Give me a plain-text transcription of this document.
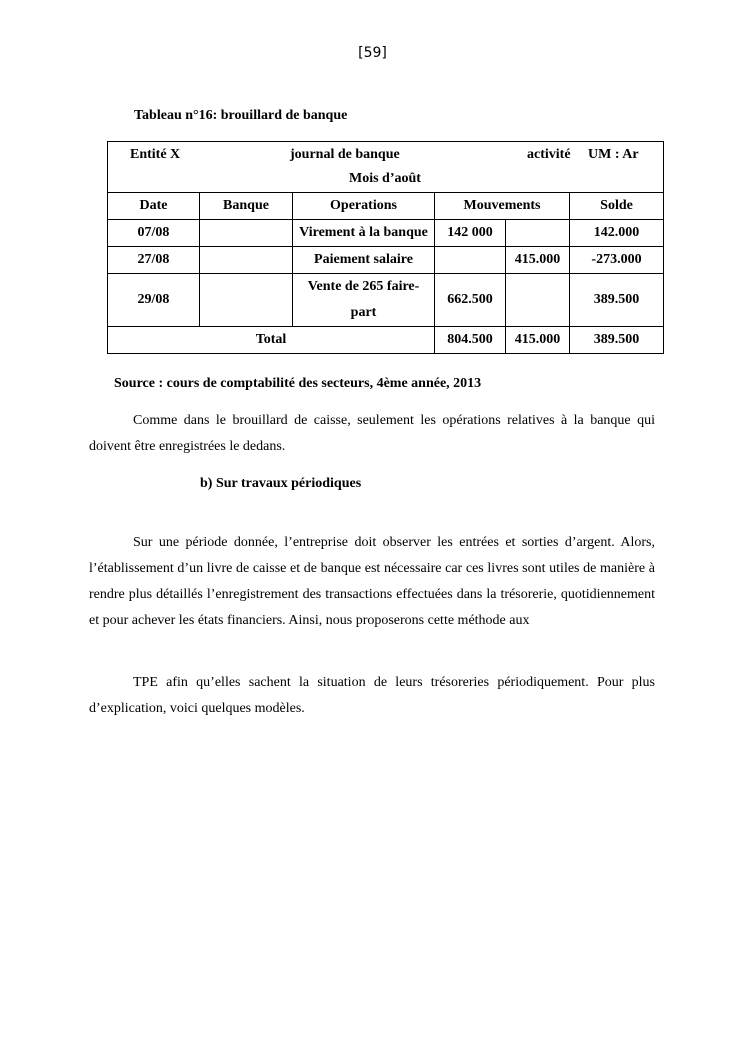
[59]
Tableau n°16: brouillard de banque
Entité X journal de banque activité UM : Ar
Mois d’août					

Date	Banque	Operations	Mouvements		Solde
07/08		Virement à la banque	142 000		142.000
27/08		Paiement salaire		415.000	-273.000
29/08		Vente de 265 faire-part	662.500		389.500
Total			804.500	415.000	389.500
Source : cours de comptabilité des secteurs, 4ème année, 2013

Comme dans le brouillard de caisse, seulement les opérations relatives à la banque qui doivent être enregistrées le dedans.

b) Sur travaux périodiques

Sur une période donnée, l’entreprise doit observer les entrées et sorties d’argent. Alors, l’établissement d’un livre de caisse et de banque est nécessaire car ces livres sont utiles de manière à rendre plus détaillés l’enregistrement des transactions effectuées dans la trésorerie, quotidiennement et pour achever les états financiers. Ainsi, nous proposerons cette méthode aux

TPE afin qu’elles sachent la situation de leurs trésoreries périodiquement. Pour plus d’explication, voici quelques modèles.
